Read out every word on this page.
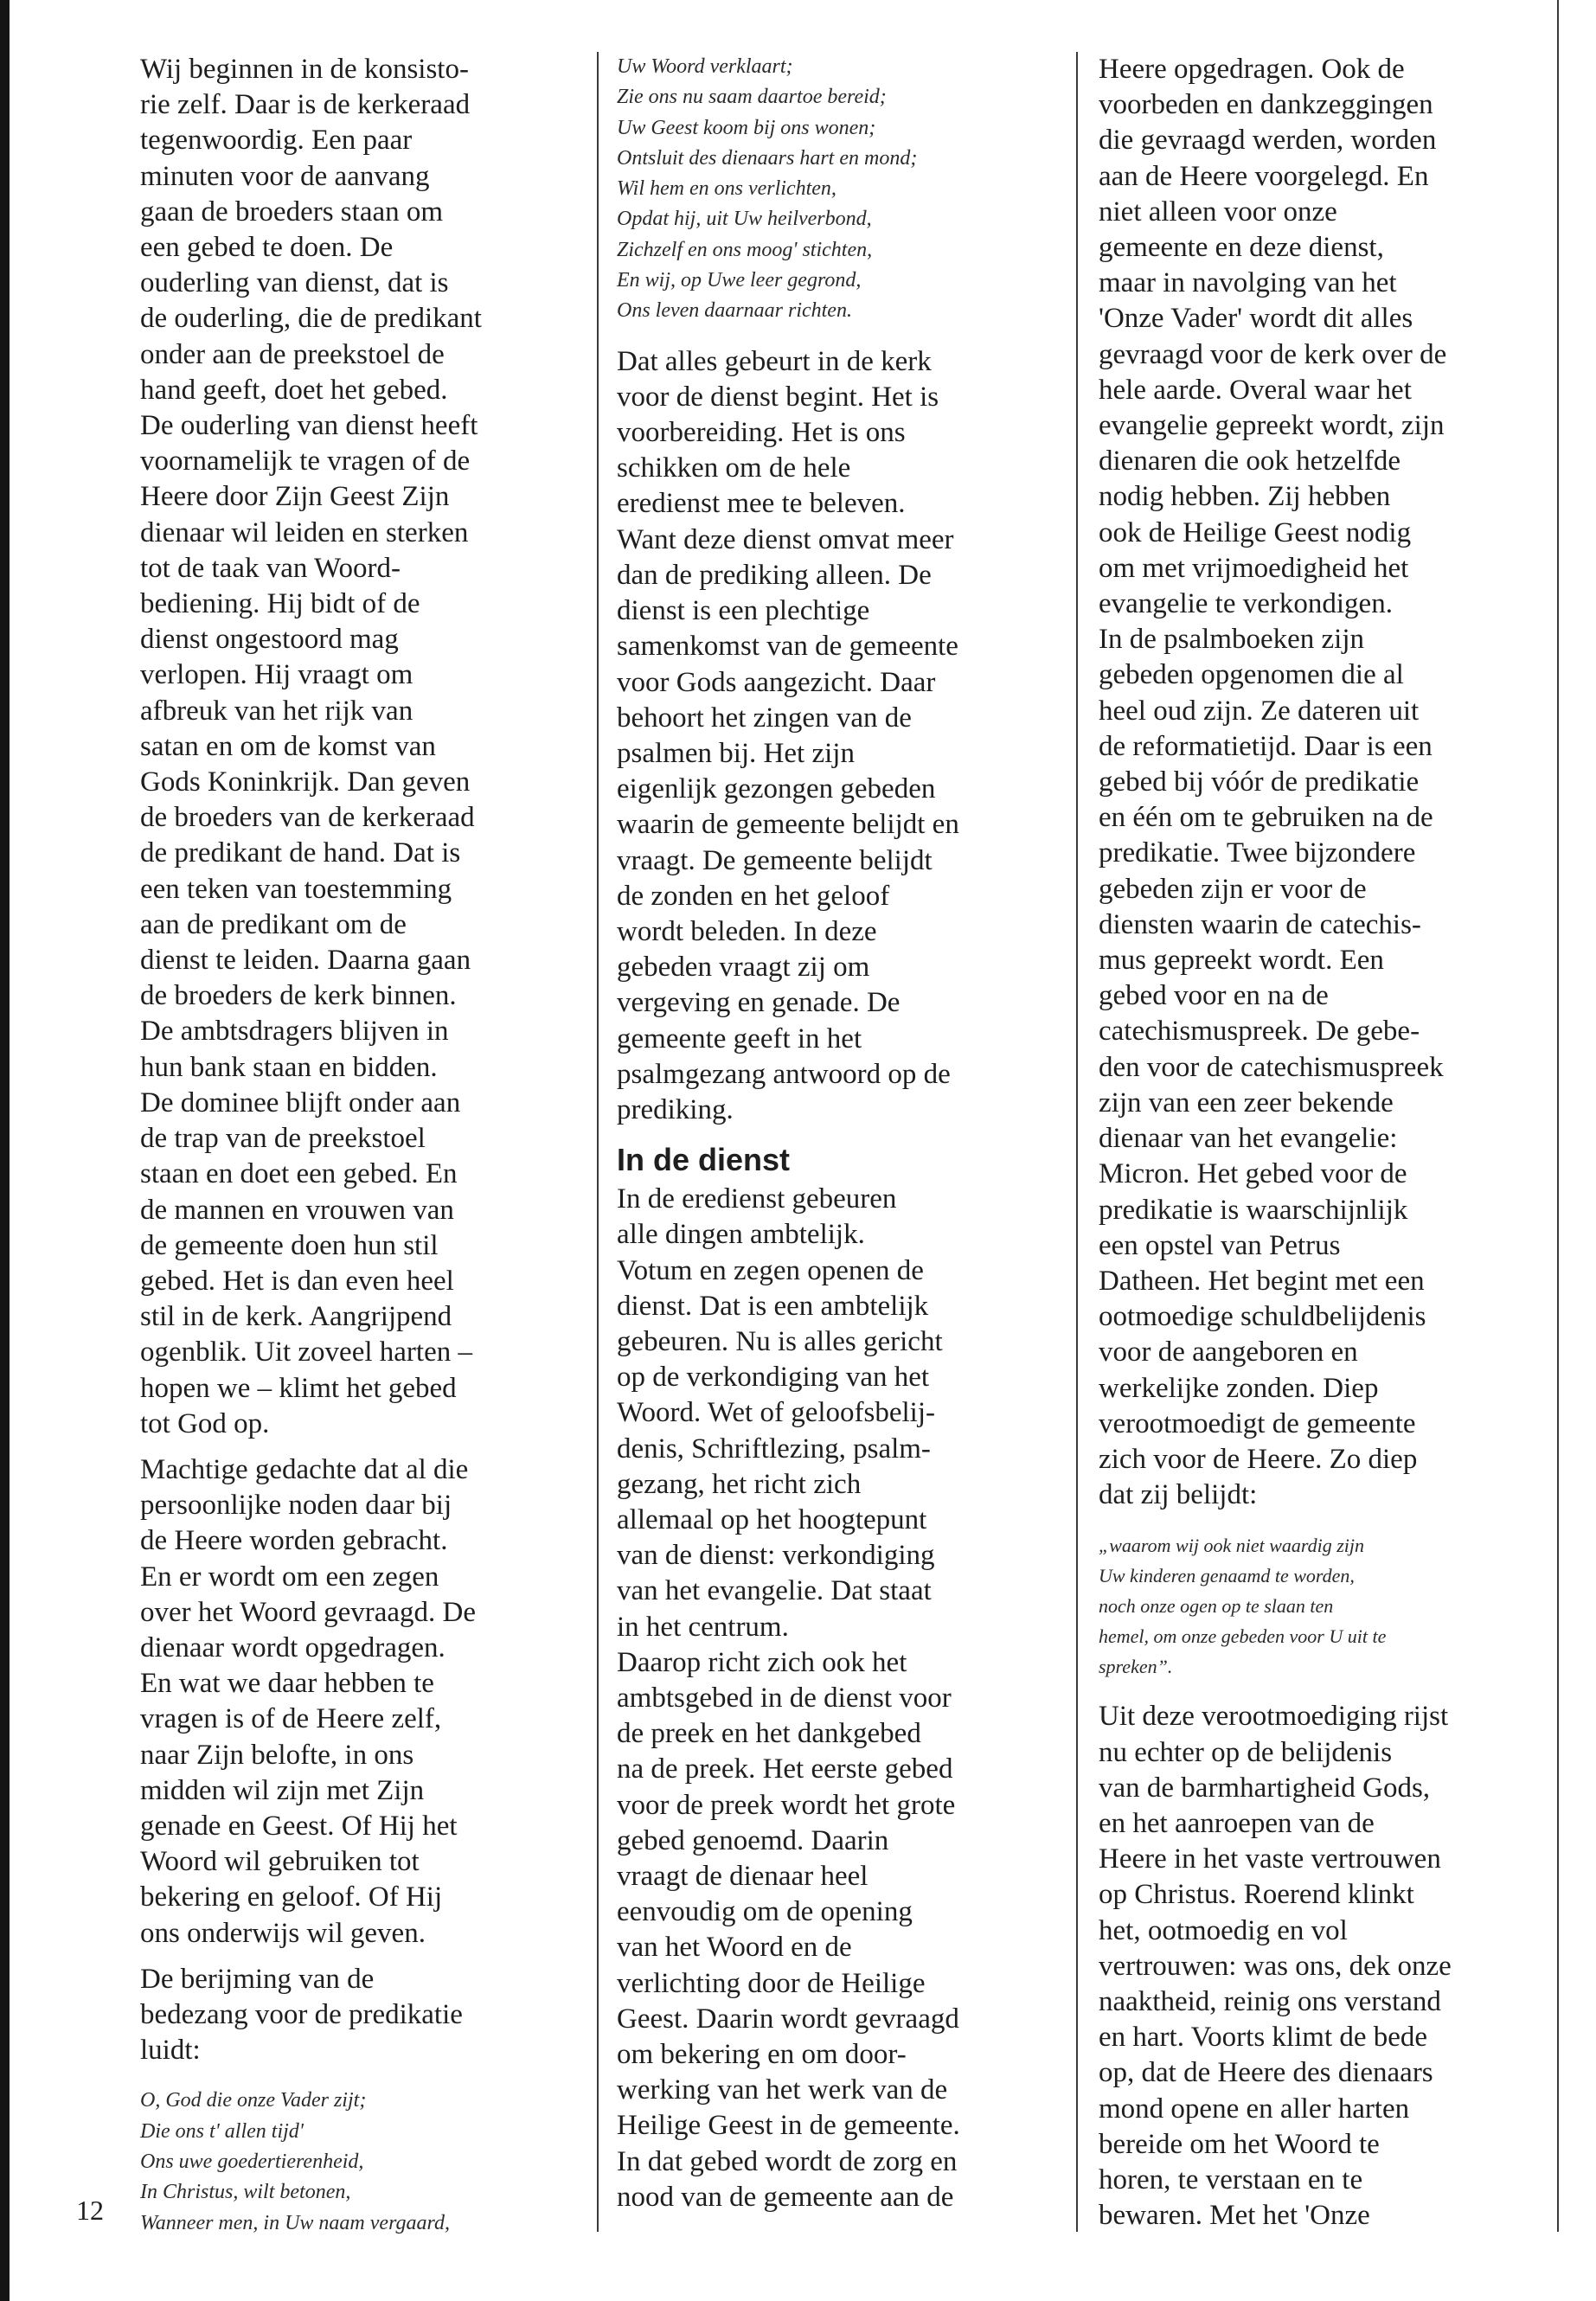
Wij beginnen in de konsisto-
rie zelf. Daar is de kerkeraad
tegenwoordig. Een paar
minuten voor de aanvang
gaan de broeders staan om
een gebed te doen. De
ouderling van dienst, dat is
de ouderling, die de predikant
onder aan de preekstoel de
hand geeft, doet het gebed.
De ouderling van dienst heeft
voornamelijk te vragen of de
Heere door Zijn Geest Zijn
dienaar wil leiden en sterken
tot de taak van Woord-
bediening. Hij bidt of de
dienst ongestoord mag
verlopen. Hij vraagt om
afbreuk van het rijk van
satan en om de komst van
Gods Koninkrijk. Dan geven
de broeders van de kerkeraad
de predikant de hand. Dat is
een teken van toestemming
aan de predikant om de
dienst te leiden. Daarna gaan
de broeders de kerk binnen.
De ambtsdragers blijven in
hun bank staan en bidden.
De dominee blijft onder aan
de trap van de preekstoel
staan en doet een gebed. En
de mannen en vrouwen van
de gemeente doen hun stil
gebed. Het is dan even heel
stil in de kerk. Aangrijpend
ogenblik. Uit zoveel harten –
hopen we – klimt het gebed
tot God op.

Machtige gedachte dat al die
persoonlijke noden daar bij
de Heere worden gebracht.
En er wordt om een zegen
over het Woord gevraagd. De
dienaar wordt opgedragen.
En wat we daar hebben te
vragen is of de Heere zelf,
naar Zijn belofte, in ons
midden wil zijn met Zijn
genade en Geest. Of Hij het
Woord wil gebruiken tot
bekering en geloof. Of Hij
ons onderwijs wil geven.

De berijming van de
bedezang voor de predikatie
luidt:

O, God die onze Vader zijt;
Die ons t' allen tijd'
Ons uwe goedertierenheid,
In Christus, wilt betonen,
Wanneer men, in Uw naam vergaard,

Uw Woord verklaart;
Zie ons nu saam daartoe bereid;
Uw Geest koom bij ons wonen;
Ontsluit des dienaars hart en mond;
Wil hem en ons verlichten,
Opdat hij, uit Uw heilverbond,
Zichzelf en ons moog' stichten,
En wij, op Uwe leer gegrond,
Ons leven daarnaar richten.

Dat alles gebeurt in de kerk
voor de dienst begint. Het is
voorbereiding. Het is ons
schikken om de hele
eredienst mee te beleven.
Want deze dienst omvat meer
dan de prediking alleen. De
dienst is een plechtige
samenkomst van de gemeente
voor Gods aangezicht. Daar
behoort het zingen van de
psalmen bij. Het zijn
eigenlijk gezongen gebeden
waarin de gemeente belijdt en
vraagt. De gemeente belijdt
de zonden en het geloof
wordt beleden. In deze
gebeden vraagt zij om
vergeving en genade. De
gemeente geeft in het
psalmgezang antwoord op de
prediking.

In de dienst

In de eredienst gebeuren
alle dingen ambtelijk.
Votum en zegen openen de
dienst. Dat is een ambtelijk
gebeuren. Nu is alles gericht
op de verkondiging van het
Woord. Wet of geloofsbelij-
denis, Schriftlezing, psalm-
gezang, het richt zich
allemaal op het hoogtepunt
van de dienst: verkondiging
van het evangelie. Dat staat
in het centrum.
Daarop richt zich ook het
ambtsgebed in de dienst voor
de preek en het dankgebed
na de preek. Het eerste gebed
voor de preek wordt het grote
gebed genoemd. Daarin
vraagt de dienaar heel
eenvoudig om de opening
van het Woord en de
verlichting door de Heilige
Geest. Daarin wordt gevraagd
om bekering en om door-
werking van het werk van de
Heilige Geest in de gemeente.
In dat gebed wordt de zorg en
nood van de gemeente aan de

Heere opgedragen. Ook de
voorbeden en dankzeggingen
die gevraagd werden, worden
aan de Heere voorgelegd. En
niet alleen voor onze
gemeente en deze dienst,
maar in navolging van het
'Onze Vader' wordt dit alles
gevraagd voor de kerk over de
hele aarde. Overal waar het
evangelie gepreekt wordt, zijn
dienaren die ook hetzelfde
nodig hebben. Zij hebben
ook de Heilige Geest nodig
om met vrijmoedigheid het
evangelie te verkondigen.
In de psalmboeken zijn
gebeden opgenomen die al
heel oud zijn. Ze dateren uit
de reformatietijd. Daar is een
gebed bij vóór de predikatie
en één om te gebruiken na de
predikatie. Twee bijzondere
gebeden zijn er voor de
diensten waarin de catechis-
mus gepreekt wordt. Een
gebed voor en na de
catechismuspreek. De gebe-
den voor de catechismuspreek
zijn van een zeer bekende
dienaar van het evangelie:
Micron. Het gebed voor de
predikatie is waarschijnlijk
een opstel van Petrus
Datheen. Het begint met een
ootmoedige schuldbelijdenis
voor de aangeboren en
werkelijke zonden. Diep
verootmoedigt de gemeente
zich voor de Heere. Zo diep
dat zij belijdt:

„waarom wij ook niet waardig zijn
Uw kinderen genaamd te worden,
noch onze ogen op te slaan ten
hemel, om onze gebeden voor U uit te
spreken”.

Uit deze verootmoediging rijst
nu echter op de belijdenis
van de barmhartigheid Gods,
en het aanroepen van de
Heere in het vaste vertrouwen
op Christus. Roerend klinkt
het, ootmoedig en vol
vertrouwen: was ons, dek onze
naaktheid, reinig ons verstand
en hart. Voorts klimt de bede
op, dat de Heere des dienaars
mond opene en aller harten
bereide om het Woord te
horen, te verstaan en te
bewaren. Met het 'Onze

12
